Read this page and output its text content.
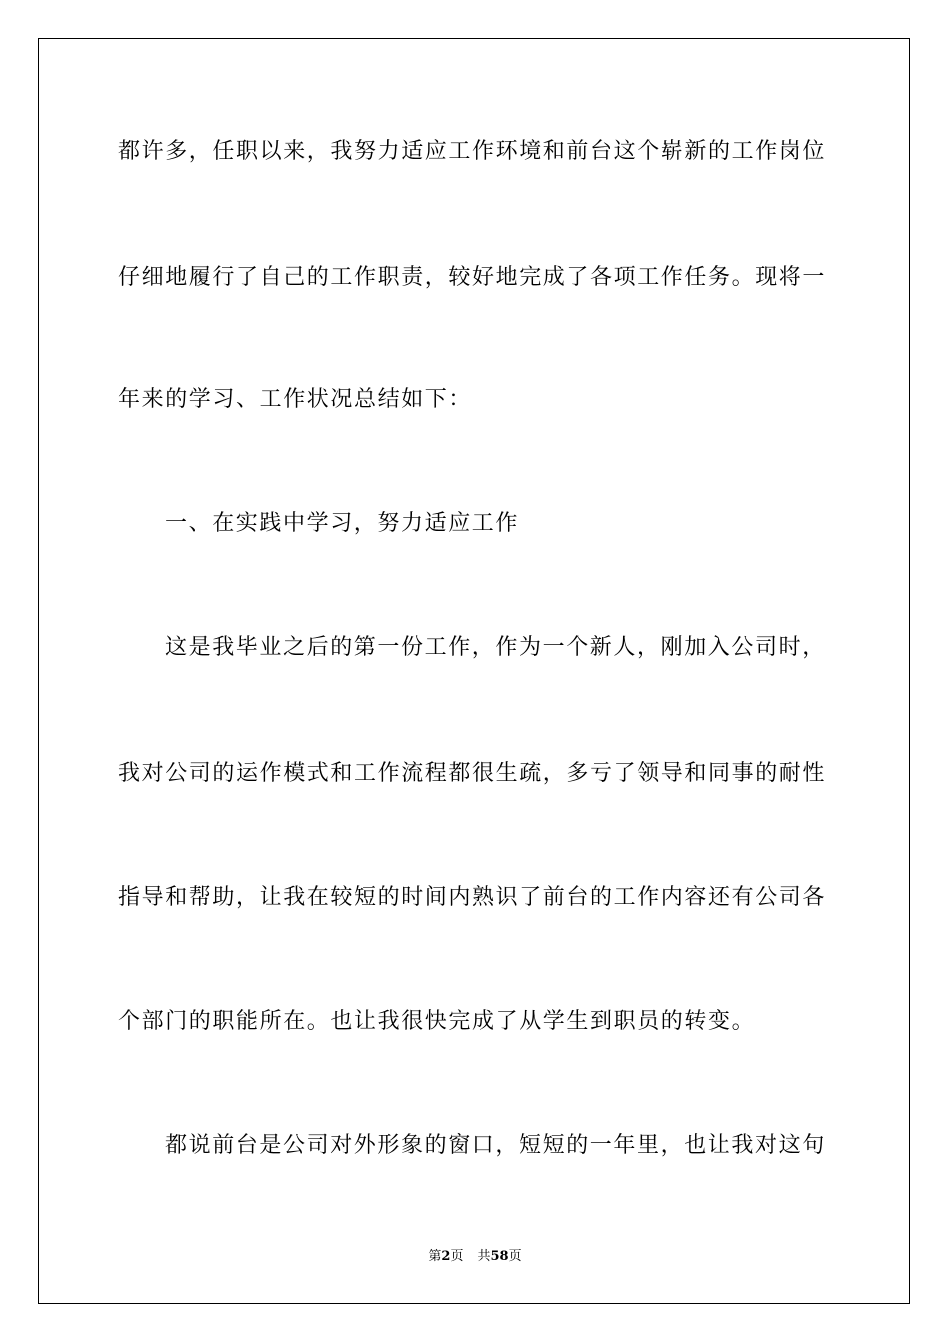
都许多，任职以来，我努力适应工作环境和前台这个崭新的工作岗位
仔细地履行了自己的工作职责，较好地完成了各项工作任务。现将一
年来的学习、工作状况总结如下：
一、在实践中学习，努力适应工作
这是我毕业之后的第一份工作，作为一个新人，刚加入公司时，
我对公司的运作模式和工作流程都很生疏，多亏了领导和同事的耐性
指导和帮助，让我在较短的时间内熟识了前台的工作内容还有公司各
个部门的职能所在。也让我很快完成了从学生到职员的转变。
都说前台是公司对外形象的窗口，短短的一年里，也让我对这句
第2页 共58页
